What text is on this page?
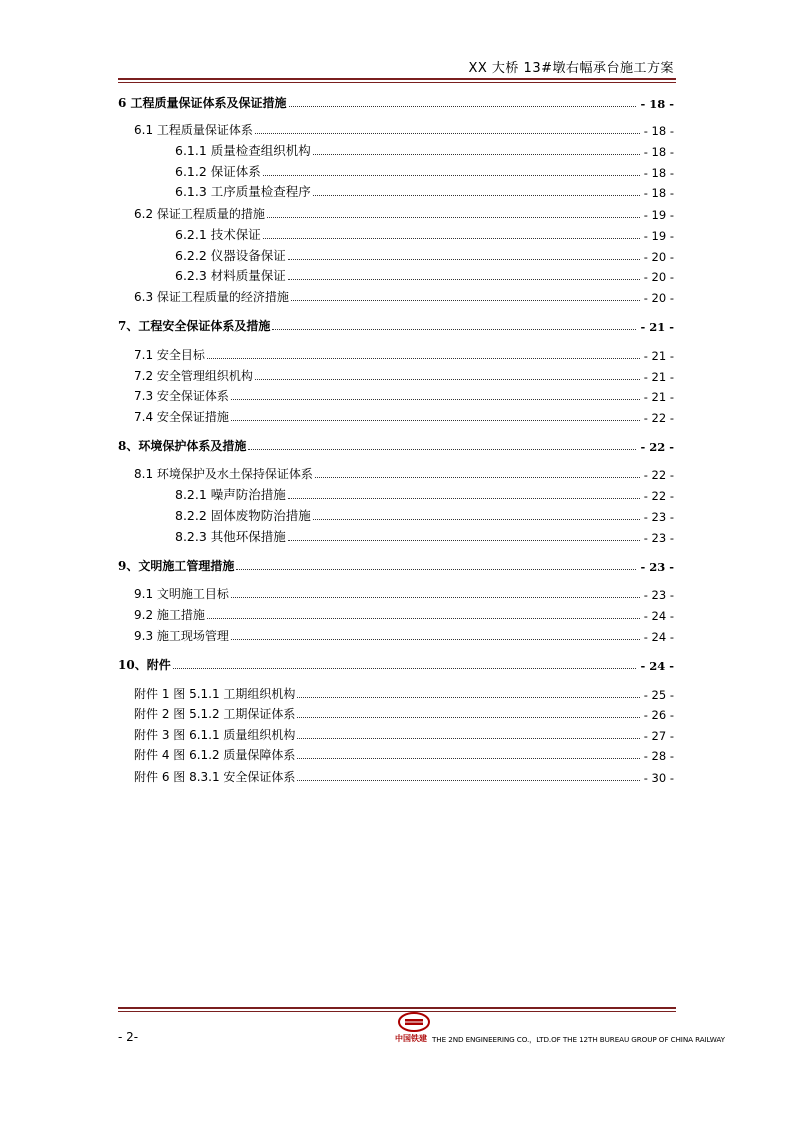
XX 大桥 13#墩右幅承台施工方案
6 工程质量保证体系及保证措施	- 18 -
6.1 工程质量保证体系	- 18 -
6.1.1 质量检查组织机构	- 18 -
6.1.2 保证体系	- 18 -
6.1.3 工序质量检查程序	- 18 -
6.2 保证工程质量的措施	- 19 -
6.2.1 技术保证	- 19 -
6.2.2 仪器设备保证	- 20 -
6.2.3 材料质量保证	- 20 -
6.3 保证工程质量的经济措施	- 20 -
7、工程安全保证体系及措施	- 21 -
7.1 安全目标	- 21 -
7.2 安全管理组织机构	- 21 -
7.3 安全保证体系	- 21 -
7.4 安全保证措施	- 22 -
8、环境保护体系及措施	- 22 -
8.1 环境保护及水土保持保证体系	- 22 -
8.2.1 噪声防治措施	- 22 -
8.2.2 固体废物防治措施	- 23 -
8.2.3 其他环保措施	- 23 -
9、文明施工管理措施	- 23 -
9.1 文明施工目标	- 23 -
9.2 施工措施	- 24 -
9.3 施工现场管理	- 24 -
10、附件	- 24 -
附件 1 图 5.1.1 工期组织机构	- 25 -
附件 2 图 5.1.2 工期保证体系	- 26 -
附件 3 图 6.1.1 质量组织机构	- 27 -
附件 4 图 6.1.2 质量保障体系	- 28 -
附件 6 图 8.3.1 安全保证体系	- 30 -
- 2-	中国铁建 THE 2ND ENGINEERING CO.，LTD.OF THE 12TH BUREAU GROUP OF CHINA RAILWAY
